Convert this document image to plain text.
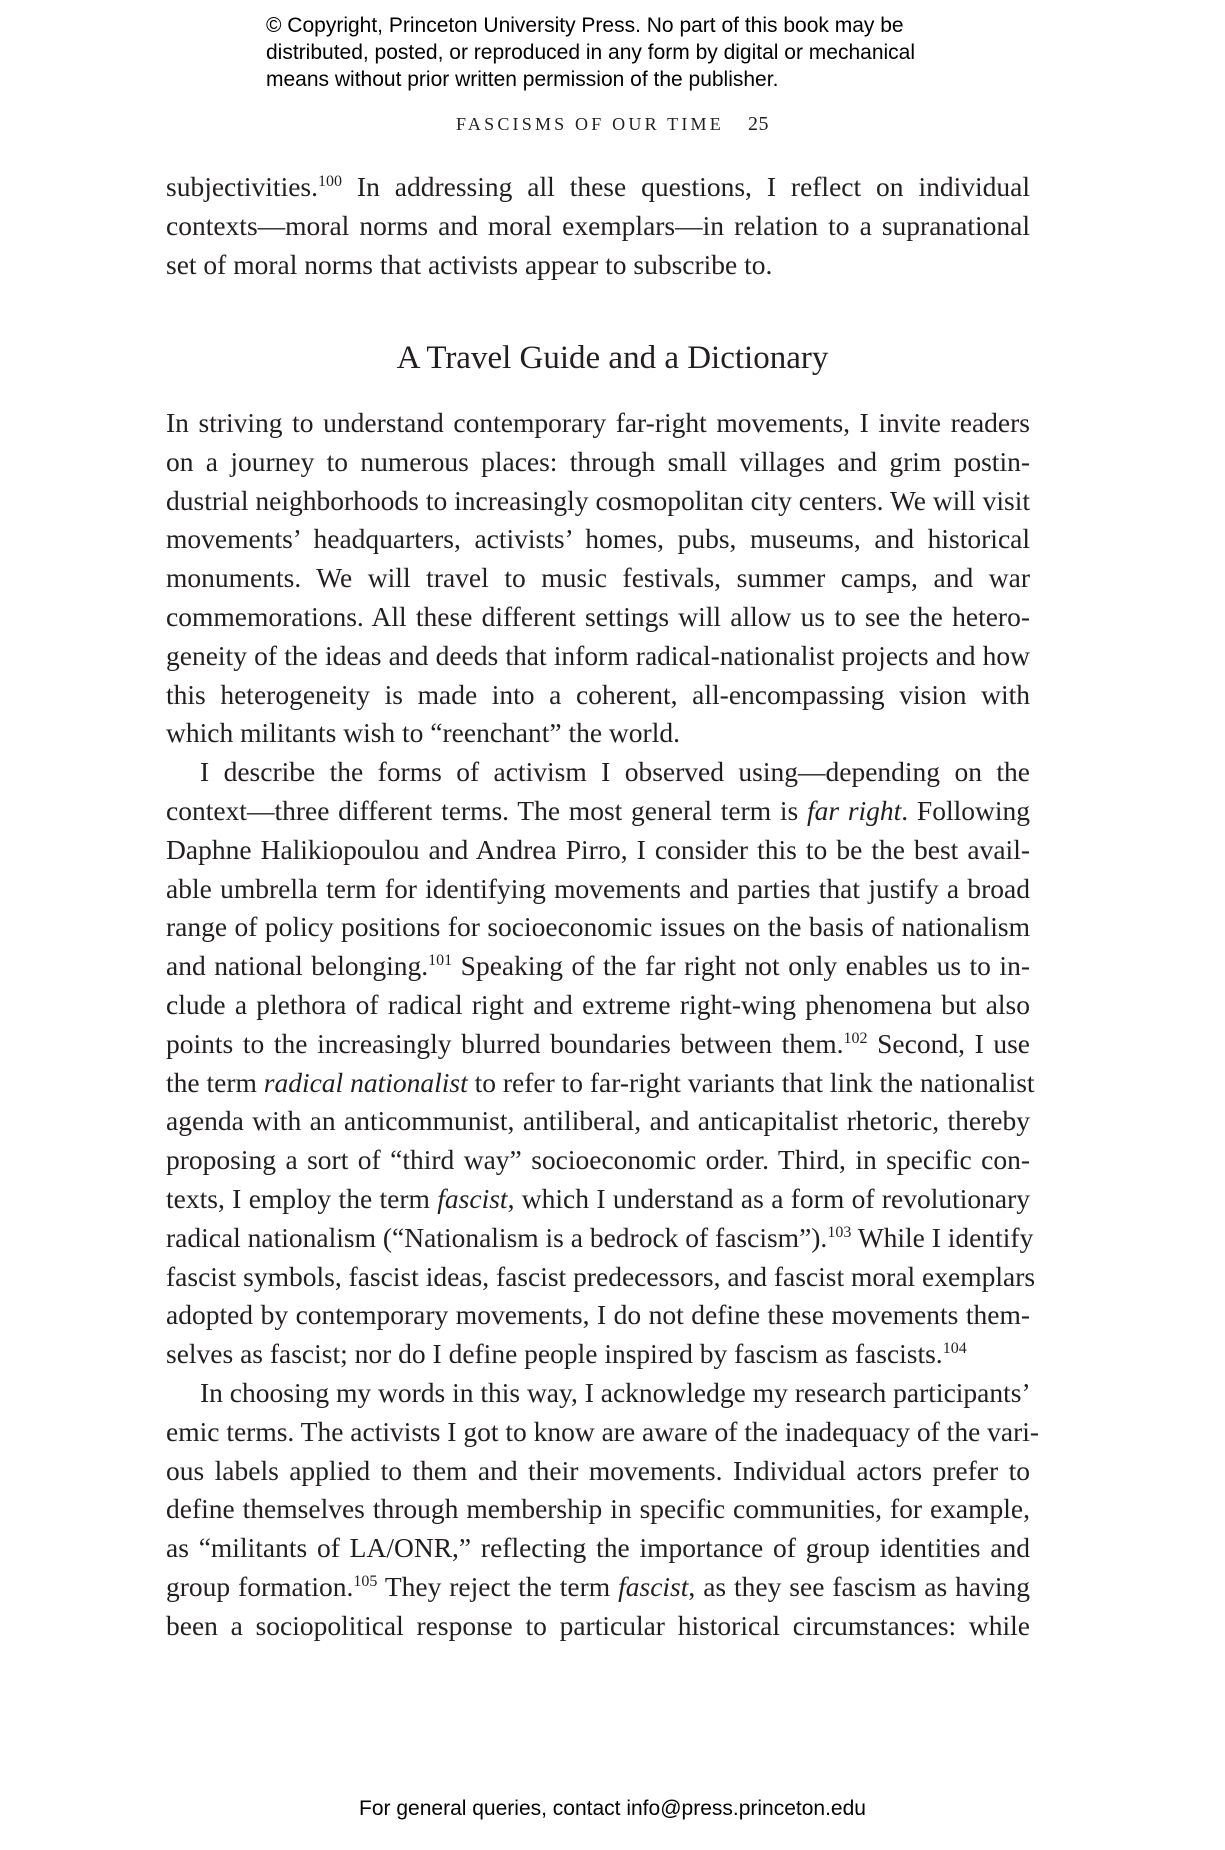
© Copyright, Princeton University Press. No part of this book may be
distributed, posted, or reproduced in any form by digital or mechanical
means without prior written permission of the publisher.
FASCISMS OF OUR TIME 25
subjectivities.$^{100}$ In addressing all these questions, I reflect on individual
contexts—moral norms and moral exemplars—in relation to a supranational
set of moral norms that activists appear to subscribe to.
A Travel Guide and a Dictionary
In striving to understand contemporary far-right movements, I invite readers
on a journey to numerous places: through small villages and grim postin-
dustrial neighborhoods to increasingly cosmopolitan city centers. We will visit
movements’ headquarters, activists’ homes, pubs, museums, and historical
monuments. We will travel to music festivals, summer camps, and war
commemorations. All these different settings will allow us to see the hetero-
geneity of the ideas and deeds that inform radical-nationalist projects and how
this heterogeneity is made into a coherent, all-encompassing vision with
which militants wish to “reenchant” the world.
I describe the forms of activism I observed using—depending on the
context—three different terms. The most general term is far right. Following
Daphne Halikiopoulou and Andrea Pirro, I consider this to be the best avail-
able umbrella term for identifying movements and parties that justify a broad
range of policy positions for socioeconomic issues on the basis of nationalism
and national belonging.$^{101}$ Speaking of the far right not only enables us to in-
clude a plethora of radical right and extreme right-wing phenomena but also
points to the increasingly blurred boundaries between them.$^{102}$ Second, I use
the term radical nationalist to refer to far-right variants that link the nationalist
agenda with an anticommunist, antiliberal, and anticapitalist rhetoric, thereby
proposing a sort of “third way” socioeconomic order. Third, in specific con-
texts, I employ the term fascist, which I understand as a form of revolutionary
radical nationalism (“Nationalism is a bedrock of fascism”).$^{103}$ While I identify
fascist symbols, fascist ideas, fascist predecessors, and fascist moral exemplars
adopted by contemporary movements, I do not define these movements them-
selves as fascist; nor do I define people inspired by fascism as fascists.$^{104}$
In choosing my words in this way, I acknowledge my research participants’
emic terms. The activists I got to know are aware of the inadequacy of the vari-
ous labels applied to them and their movements. Individual actors prefer to
define themselves through membership in specific communities, for example,
as “militants of LA/ONR,” reflecting the importance of group identities and
group formation.$^{105}$ They reject the term fascist, as they see fascism as having
been a sociopolitical response to particular historical circumstances: while
For general queries, contact info@press.princeton.edu
